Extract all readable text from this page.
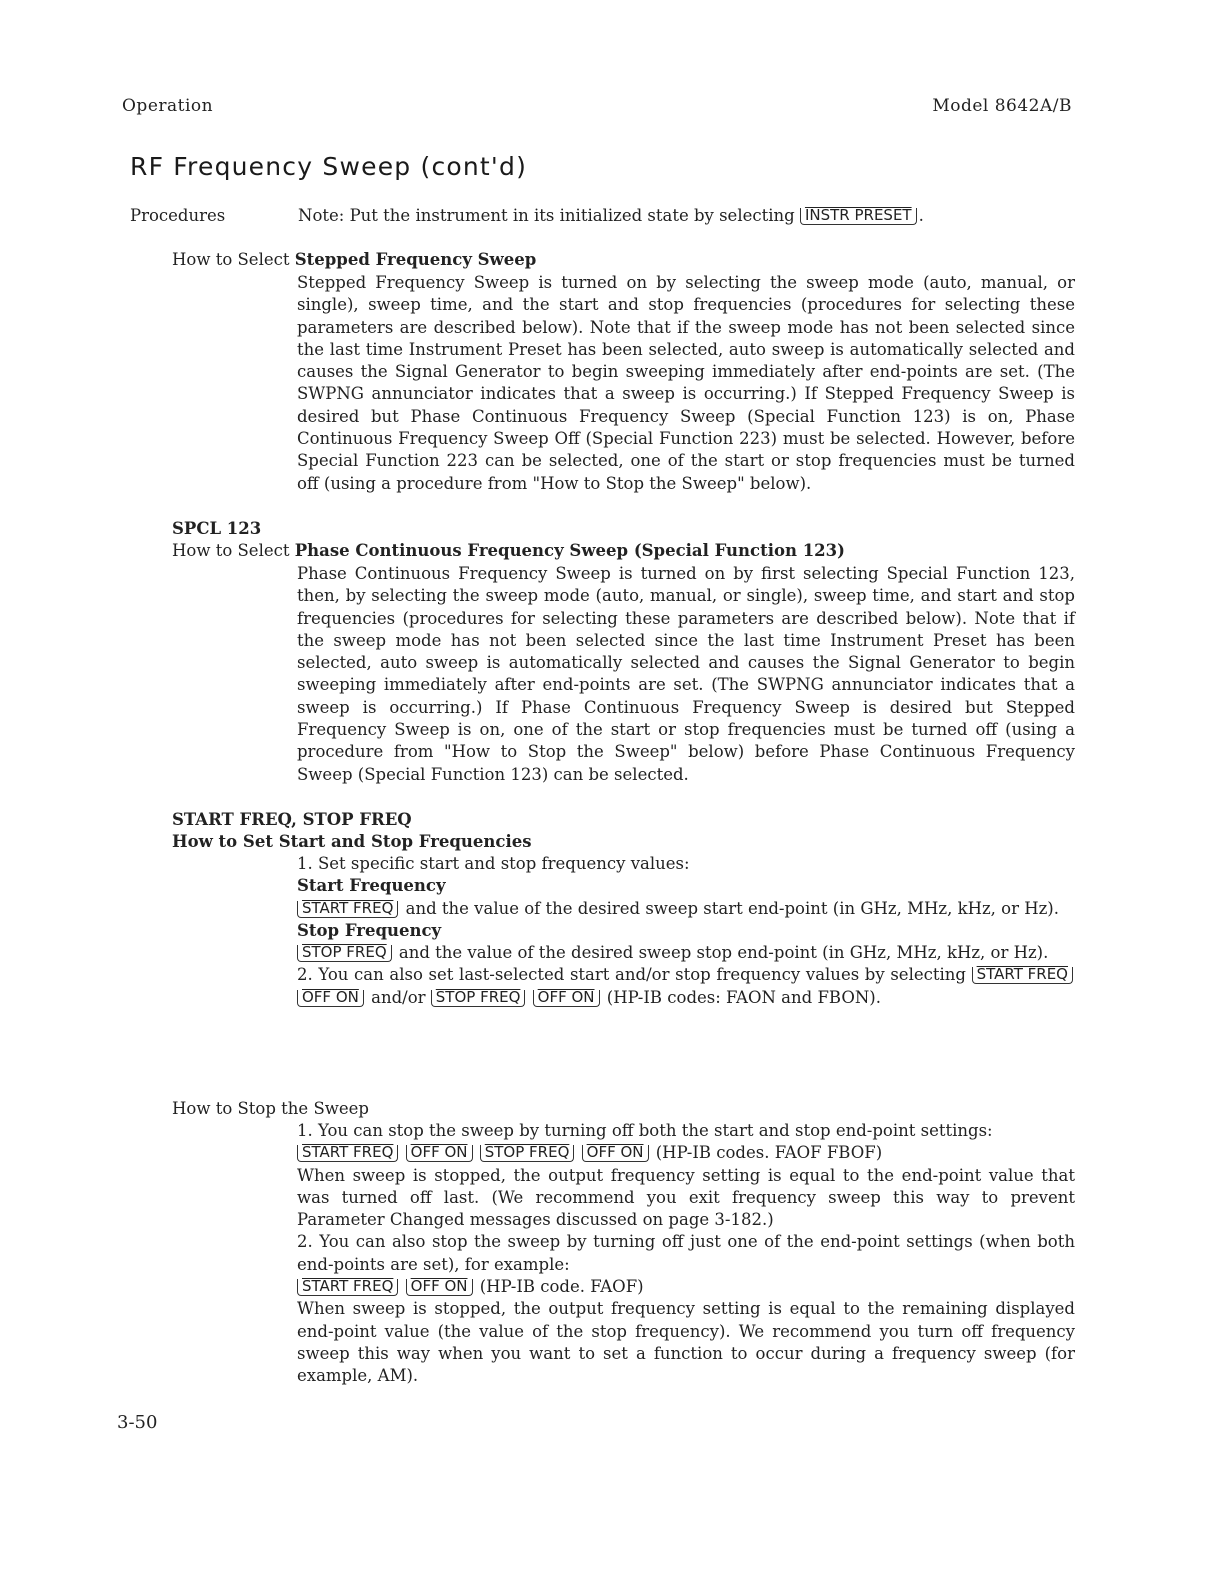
Operation	Model 8642A/B
RF Frequency Sweep (cont'd)
Procedures	Note: Put the instrument in its initialized state by selecting INSTR PRESET .
How to Select Stepped Frequency Sweep
Stepped Frequency Sweep is turned on by selecting the sweep mode (auto, manual, or single), sweep time, and the start and stop frequencies (procedures for selecting these parameters are described below). Note that if the sweep mode has not been selected since the last time Instrument Preset has been selected, auto sweep is automatically selected and causes the Signal Generator to begin sweeping immediately after end-points are set. (The SWPNG annunciator indicates that a sweep is occurring.) If Stepped Frequency Sweep is desired but Phase Continuous Frequency Sweep (Special Function 123) is on, Phase Continuous Frequency Sweep Off (Special Function 223) must be selected. However, before Special Function 223 can be selected, one of the start or stop frequencies must be turned off (using a procedure from "How to Stop the Sweep" below).
SPCL 123
How to Select Phase Continuous Frequency Sweep (Special Function 123)
Phase Continuous Frequency Sweep is turned on by first selecting Special Function 123, then, by selecting the sweep mode (auto, manual, or single), sweep time, and start and stop frequencies (procedures for selecting these parameters are described below). Note that if the sweep mode has not been selected since the last time Instrument Preset has been selected, auto sweep is automatically selected and causes the Signal Generator to begin sweeping immediately after end-points are set. (The SWPNG annunciator indicates that a sweep is occurring.) If Phase Continuous Frequency Sweep is desired but Stepped Frequency Sweep is on, one of the start or stop frequencies must be turned off (using a procedure from "How to Stop the Sweep" below) before Phase Continuous Frequency Sweep (Special Function 123) can be selected.
START FREQ, STOP FREQ
How to Set Start and Stop Frequencies

1. Set specific start and stop frequency values:

Start Frequency

START FREQ and the value of the desired sweep start end-point (in GHz, MHz, kHz, or Hz).

Stop Frequency

STOP FREQ and the value of the desired sweep stop end-point (in GHz, MHz, kHz, or Hz).

2. You can also set last-selected start and/or stop frequency values by selecting START FREQ OFF ON and/or STOP FREQ OFF ON (HP-IB codes: FAON and FBON).

How to Stop the Sweep

1. You can stop the sweep by turning off both the start and stop end-point settings:

START FREQ OFF ON STOP FREQ OFF ON (HP-IB codes. FAOF FBOF)

When sweep is stopped, the output frequency setting is equal to the end-point value that was turned off last. (We recommend you exit frequency sweep this way to prevent Parameter Changed messages discussed on page 3-182.)

2. You can also stop the sweep by turning off just one of the end-point settings (when both end-points are set), for example:

START FREQ OFF ON (HP-IB code. FAOF)

When sweep is stopped, the output frequency setting is equal to the remaining displayed end-point value (the value of the stop frequency). We recommend you turn off frequency sweep this way when you want to set a function to occur during a frequency sweep (for example, AM).

3-50
